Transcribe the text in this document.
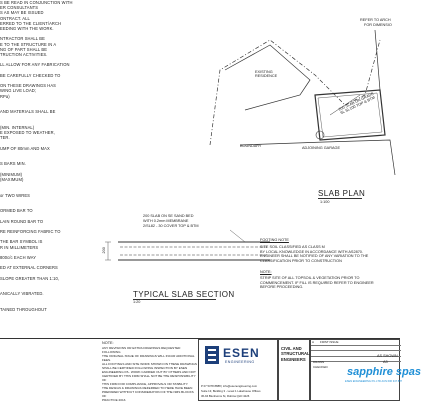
S BE READ IN CONJUNCTION WITH
ER CONSULTANTS
S AS MAY BE ISSUED
ONTRACT. ALL
ERRED TO THE CLIENT/ARCH
EEDING WITH THE WORK.

NTRACTOR SHALL BE
E TO THE STRUCTURE IN A
NG OF PART SHALL BE
TRUCTION ACTIVITIES.

LL ALLOW FOR ANY FABRICATION

BE CAREFULLY CHECKED TO

ON THESE DRAWINGS HAS
WING LIVE LOAD;
RPa)

AND MATERIALS SHALL BE

(MIN. INTERNAL)
E EXPOSED TO WEATHER,
TER.

UMP OF 80mm AND MAX

S BARS MIN.

(MINIMUM)
(MAXIMUM)

or TWO WIRES

ORMED BAR TO

LAIN ROUND BAR TO

RE REINFORCING FABRIC TO

THE BAR SYMBOL IS
R IN MILLIMETERS

800c/c EACH WAY

ED AT EXTERNAL CORNERS

SLOPE GREATER THAN 1:10,

ANICALLY VIBRATED.

TAINED THROUGHOUT
REFER TO ARCH
FOR DIMENSIO
EXISTING
RESIDENCE
200 SLAB ON GRADE
SL SL100 TOP & BTM
BOUNDARY	ADJOINING GARAGE
SLAB PLAN
1:100
200 SLAB ON SE SAND BED
WITH 0.2mm MEMBRANE
2/SL82 - 30 COVER TOP & BTM
200
TYPICAL SLAB SECTION
1:20
FOOTING NOTE
SITE SOIL CLASSIFIED AS CLASS M
BY LOCAL KNOWLEDGE IN ACCORDANCE WITH AS2870.
ENGINEER SHALL BE NOTIFIED OF ANY VARIATION TO THE
CLASSIFICATION PRIOR TO CONSTRUCTION
NOTE:
STRIP SITE OF ALL TOPSOIL & VEGETATION PRIOR TO
COMMENCEMENT. IF FILL IS REQUIRED REFER TO ENGINEER
BEFORE PROCEEDING.
NOTE:
ANY REVISIONS OR EXTRA DRAWINGS REQUESTED FOLLOWING
THE ORIGINAL ISSUE OF DRAWINGS WILL INCUR ADDITIONAL FEES.
ALL FOOTINGS AND SITE WORK SHOWN ON THESE DRAWINGS
SHALL BE CERTIFIED FOLLOWING INSPECTION BY ESEN
ENGINEERING P/L. WORK CARRIED OUT BY OTHERS AND NOT
CERTIFIED BY THIS FIRM SHALL NOT BE THE RESPONSIBILITY OF
THIS FIRM FOR COMPLIANCE, APPROVALS OR STABILITY.
THE DESIGN & DRAWINGS REFERRED TO HERE HAVE BEEN
PREPARED WITHOUT CONSIDERATION OF THE NMS BLOCKS OF
PRACTICE 2013.
ESEN
ENGINEERING
P 07 5378 8888 | info@esenengineering.com
Suite 13, Building 3 - Level 1 Lakehouse Offices
36-94 Blenheims St, Robina QLD 4226
CIVIL AND
STRUCTURAL
ENGINEERS
A FIRST ISSUE
sapphire spas
ESEN ENGINEERING P/L LTD ACN 606 347 887
AS SHOWN
A3
DRAWN
CHECKED
